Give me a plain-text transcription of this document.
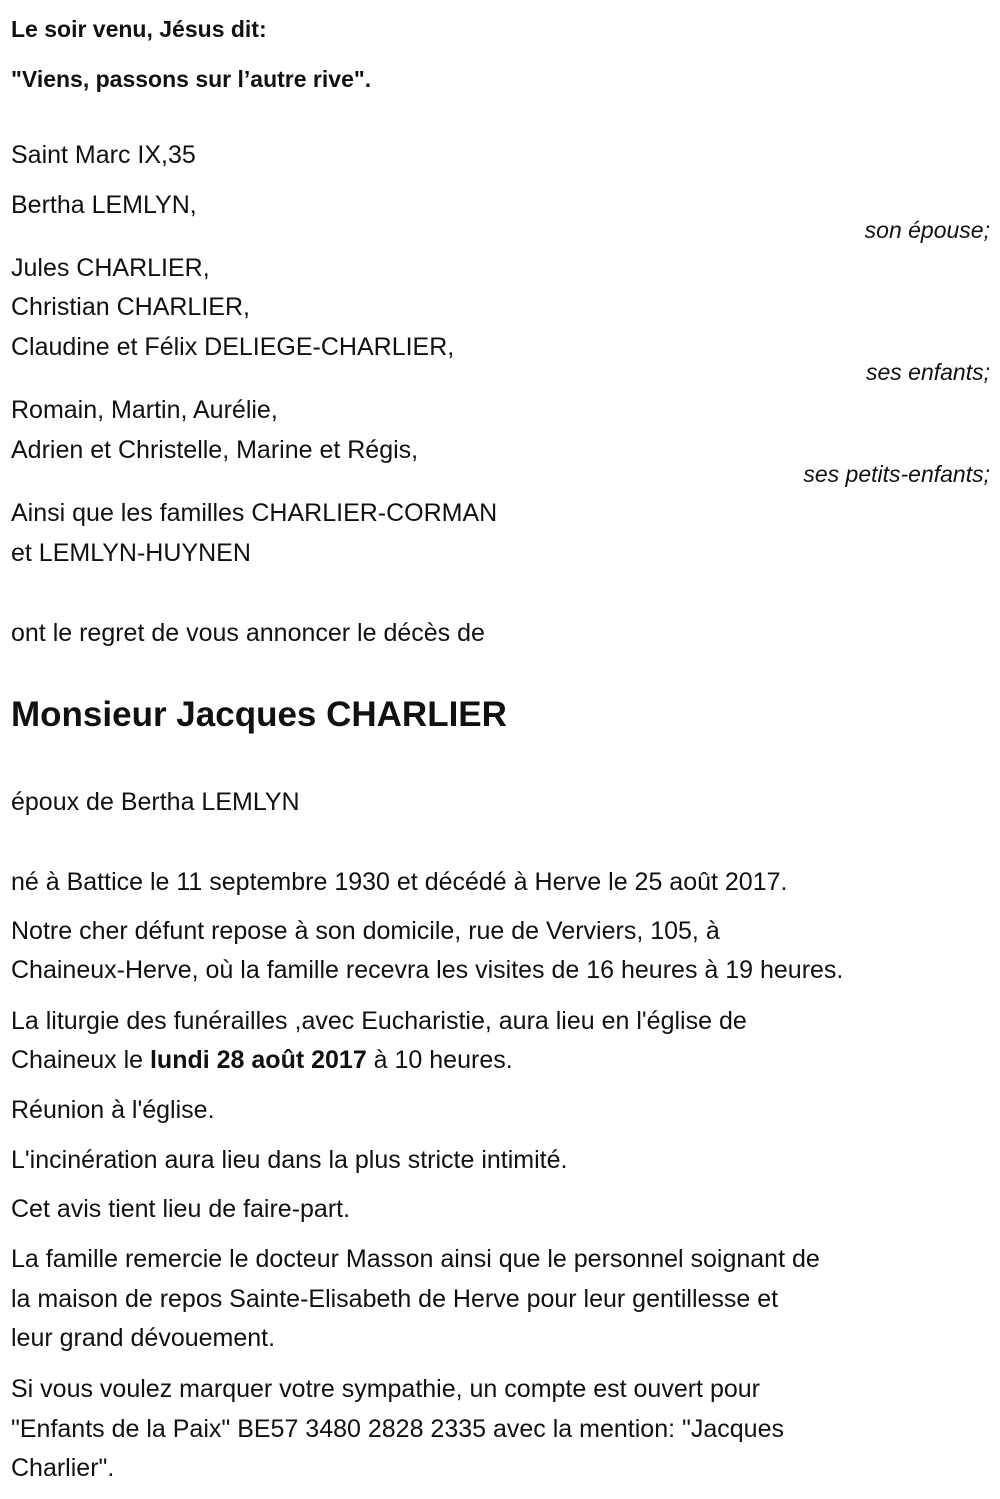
Le soir venu, Jésus dit:
"Viens, passons sur l’autre rive".
Saint Marc IX,35
Bertha LEMLYN,
son épouse;
Jules CHARLIER,
Christian CHARLIER,
Claudine et Félix DELIEGE-CHARLIER,
ses enfants;
Romain, Martin, Aurélie,
Adrien et Christelle, Marine et Régis,
ses petits-enfants;
Ainsi que les familles CHARLIER-CORMAN
et LEMLYN-HUYNEN
ont le regret de vous annoncer le décès de
Monsieur Jacques CHARLIER
époux de Bertha LEMLYN
né à Battice le 11 septembre 1930 et décédé à Herve le 25 août 2017.
Notre cher défunt repose à son domicile, rue de Verviers, 105, à
Chaineux-Herve, où la famille recevra les visites de 16 heures à 19 heures.
La liturgie des funérailles ,avec Eucharistie, aura lieu en l'église de
Chaineux le lundi 28 août 2017 à 10 heures.
Réunion à l'église.
L'incinération aura lieu dans la plus stricte intimité.
Cet avis tient lieu de faire-part.
La famille remercie le docteur Masson ainsi que le personnel soignant de
la maison de repos Sainte-Elisabeth de Herve pour leur gentillesse et
leur grand dévouement.
Si vous voulez marquer votre sympathie, un compte est ouvert pour
"Enfants de la Paix" BE57 3480 2828 2335 avec la mention: "Jacques
Charlier".
